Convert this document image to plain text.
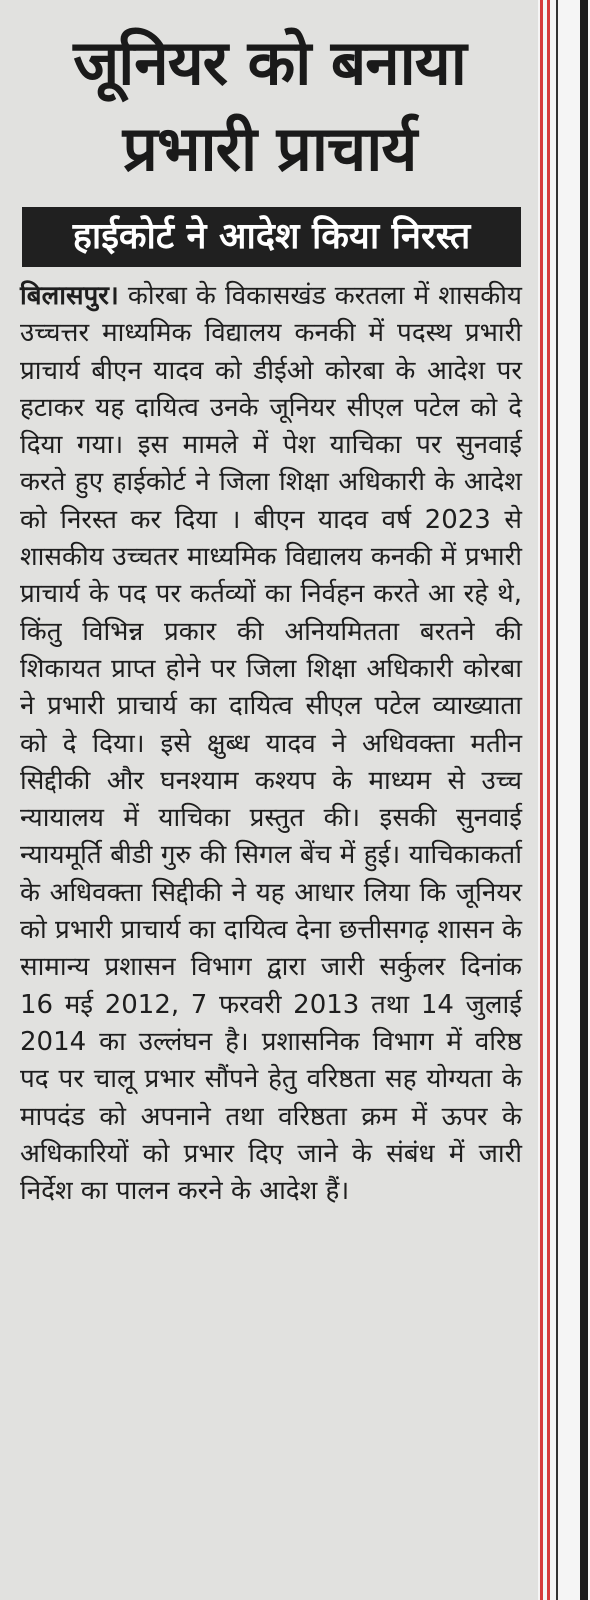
जूनियर को बनाया प्रभारी प्राचार्य
हाईकोर्ट ने आदेश किया निरस्त

बिलासपुर। कोरबा के विकासखंड करतला में शासकीय उच्चत्तर माध्यमिक विद्यालय कनकी में पदस्थ प्रभारी प्राचार्य बीएन यादव को डीईओ कोरबा के आदेश पर हटाकर यह दायित्व उनके जूनियर सीएल पटेल को दे दिया गया। इस मामले में पेश याचिका पर सुनवाई करते हुए हाईकोर्ट ने जिला शिक्षा अधिकारी के आदेश को निरस्त कर दिया । बीएन यादव वर्ष 2023 से शासकीय उच्चतर माध्यमिक विद्यालय कनकी में प्रभारी प्राचार्य के पद पर कर्तव्यों का निर्वहन करते आ रहे थे, किंतु विभिन्न प्रकार की अनियमितता बरतने की शिकायत प्राप्त होने पर जिला शिक्षा अधिकारी कोरबा ने प्रभारी प्राचार्य का दायित्व सीएल पटेल व्याख्याता को दे दिया। इसे क्षुब्ध यादव ने अधिवक्ता मतीन सिद्दीकी और घनश्याम कश्यप के माध्यम से उच्च न्यायालय में याचिका प्रस्तुत की। इसकी सुनवाई न्यायमूर्ति बीडी गुरु की सिगल बेंच में हुई। याचिकाकर्ता के अधिवक्ता सिद्दीकी ने यह आधार लिया कि जूनियर को प्रभारी प्राचार्य का दायित्व देना छत्तीसगढ़ शासन के सामान्य प्रशासन विभाग द्वारा जारी सर्कुलर दिनांक 16 मई 2012, 7 फरवरी 2013 तथा 14 जुलाई 2014 का उल्लंघन है। प्रशासनिक विभाग में वरिष्ठ पद पर चालू प्रभार सौंपने हेतु वरिष्ठता सह योग्यता के मापदंड को अपनाने तथा वरिष्ठता क्रम में ऊपर के अधिकारियों को प्रभार दिए जाने के संबंध में जारी निर्देश का पालन करने के आदेश हैं।
